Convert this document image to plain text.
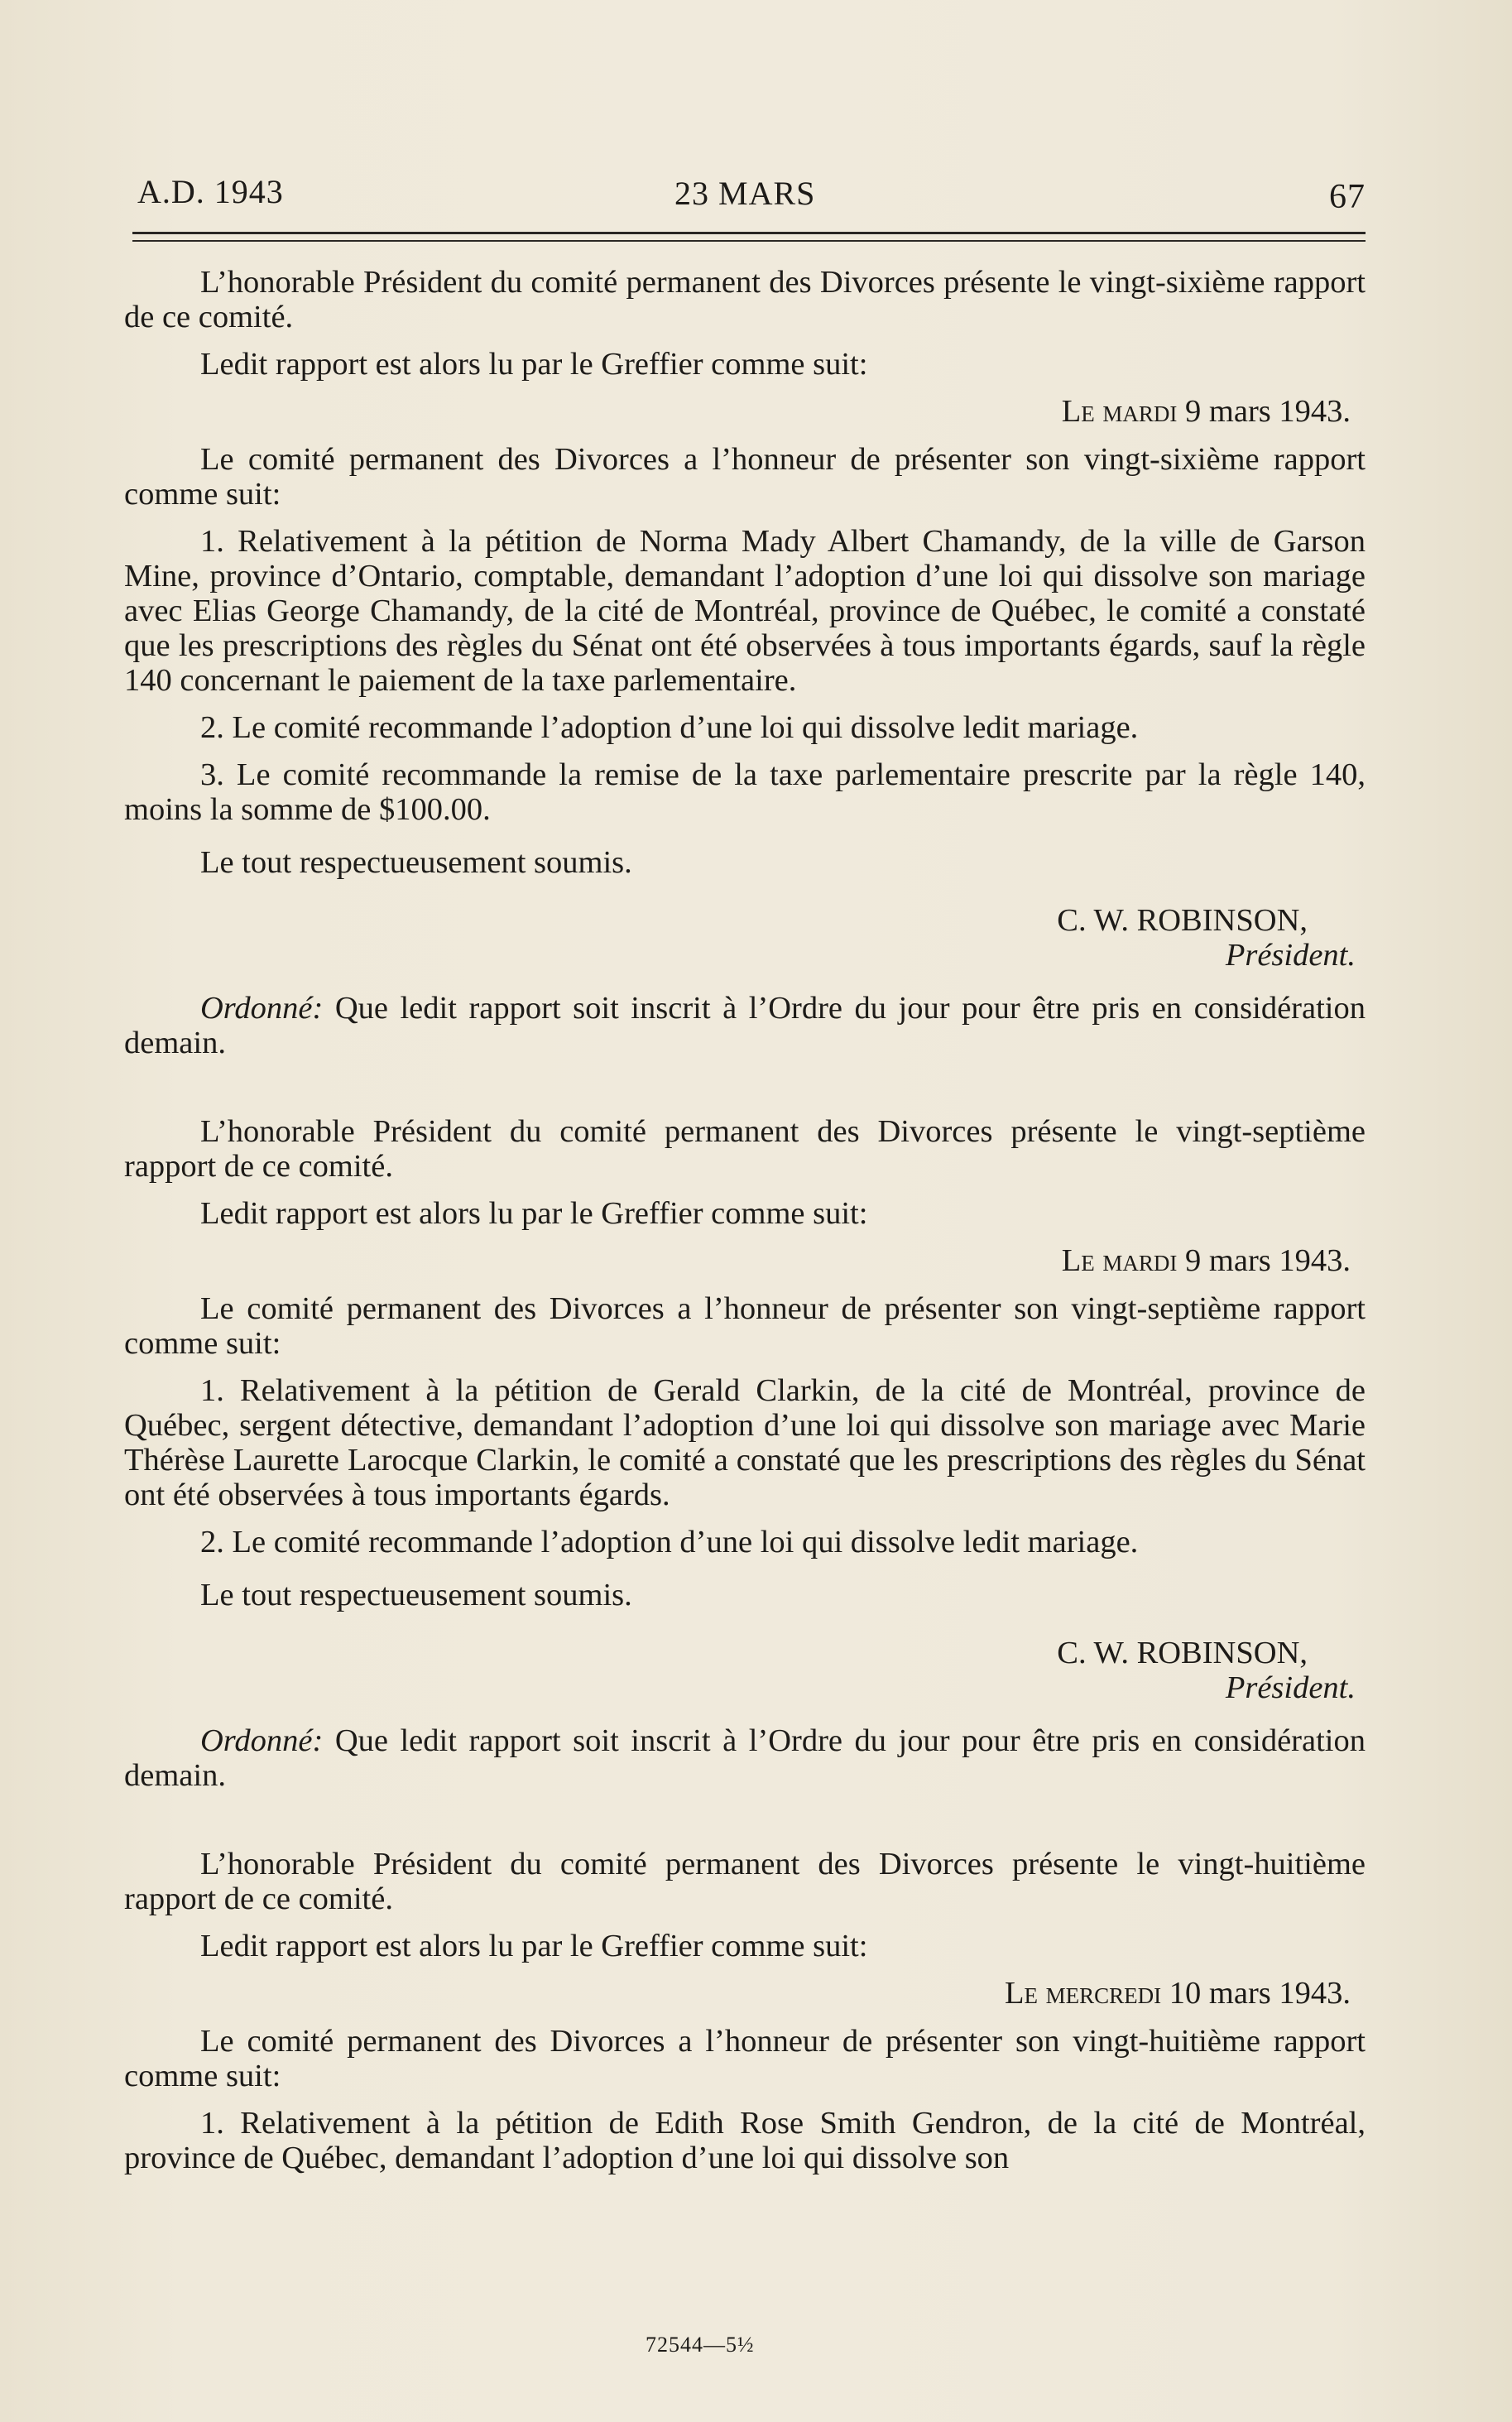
A.D. 1943	23 MARS	67

L’honorable Président du comité permanent des Divorces présente le vingt-sixième rapport de ce comité.

Ledit rapport est alors lu par le Greffier comme suit:

Le mardi 9 mars 1943.

Le comité permanent des Divorces a l’honneur de présenter son vingt-sixième rapport comme suit:

1. Relativement à la pétition de Norma Mady Albert Chamandy, de la ville de Garson Mine, province d’Ontario, comptable, demandant l’adoption d’une loi qui dissolve son mariage avec Elias George Chamandy, de la cité de Montréal, province de Québec, le comité a constaté que les prescriptions des règles du Sénat ont été observées à tous importants égards, sauf la règle 140 concernant le paiement de la taxe parlementaire.

2. Le comité recommande l’adoption d’une loi qui dissolve ledit mariage.

3. Le comité recommande la remise de la taxe parlementaire prescrite par la règle 140, moins la somme de $100.00.

Le tout respectueusement soumis.

C. W. ROBINSON,

Président.

Ordonné: Que ledit rapport soit inscrit à l’Ordre du jour pour être pris en considération demain.

L’honorable Président du comité permanent des Divorces présente le vingt-septième rapport de ce comité.

Ledit rapport est alors lu par le Greffier comme suit:

Le mardi 9 mars 1943.

Le comité permanent des Divorces a l’honneur de présenter son vingt-septième rapport comme suit:

1. Relativement à la pétition de Gerald Clarkin, de la cité de Montréal, province de Québec, sergent détective, demandant l’adoption d’une loi qui dissolve son mariage avec Marie Thérèse Laurette Larocque Clarkin, le comité a constaté que les prescriptions des règles du Sénat ont été observées à tous importants égards.

2. Le comité recommande l’adoption d’une loi qui dissolve ledit mariage.

Le tout respectueusement soumis.

C. W. ROBINSON,

Président.

Ordonné: Que ledit rapport soit inscrit à l’Ordre du jour pour être pris en considération demain.

L’honorable Président du comité permanent des Divorces présente le vingt-huitième rapport de ce comité.

Ledit rapport est alors lu par le Greffier comme suit:

Le mercredi 10 mars 1943.

Le comité permanent des Divorces a l’honneur de présenter son vingt-huitième rapport comme suit:

1. Relativement à la pétition de Edith Rose Smith Gendron, de la cité de Montréal, province de Québec, demandant l’adoption d’une loi qui dissolve son

72544—5½
